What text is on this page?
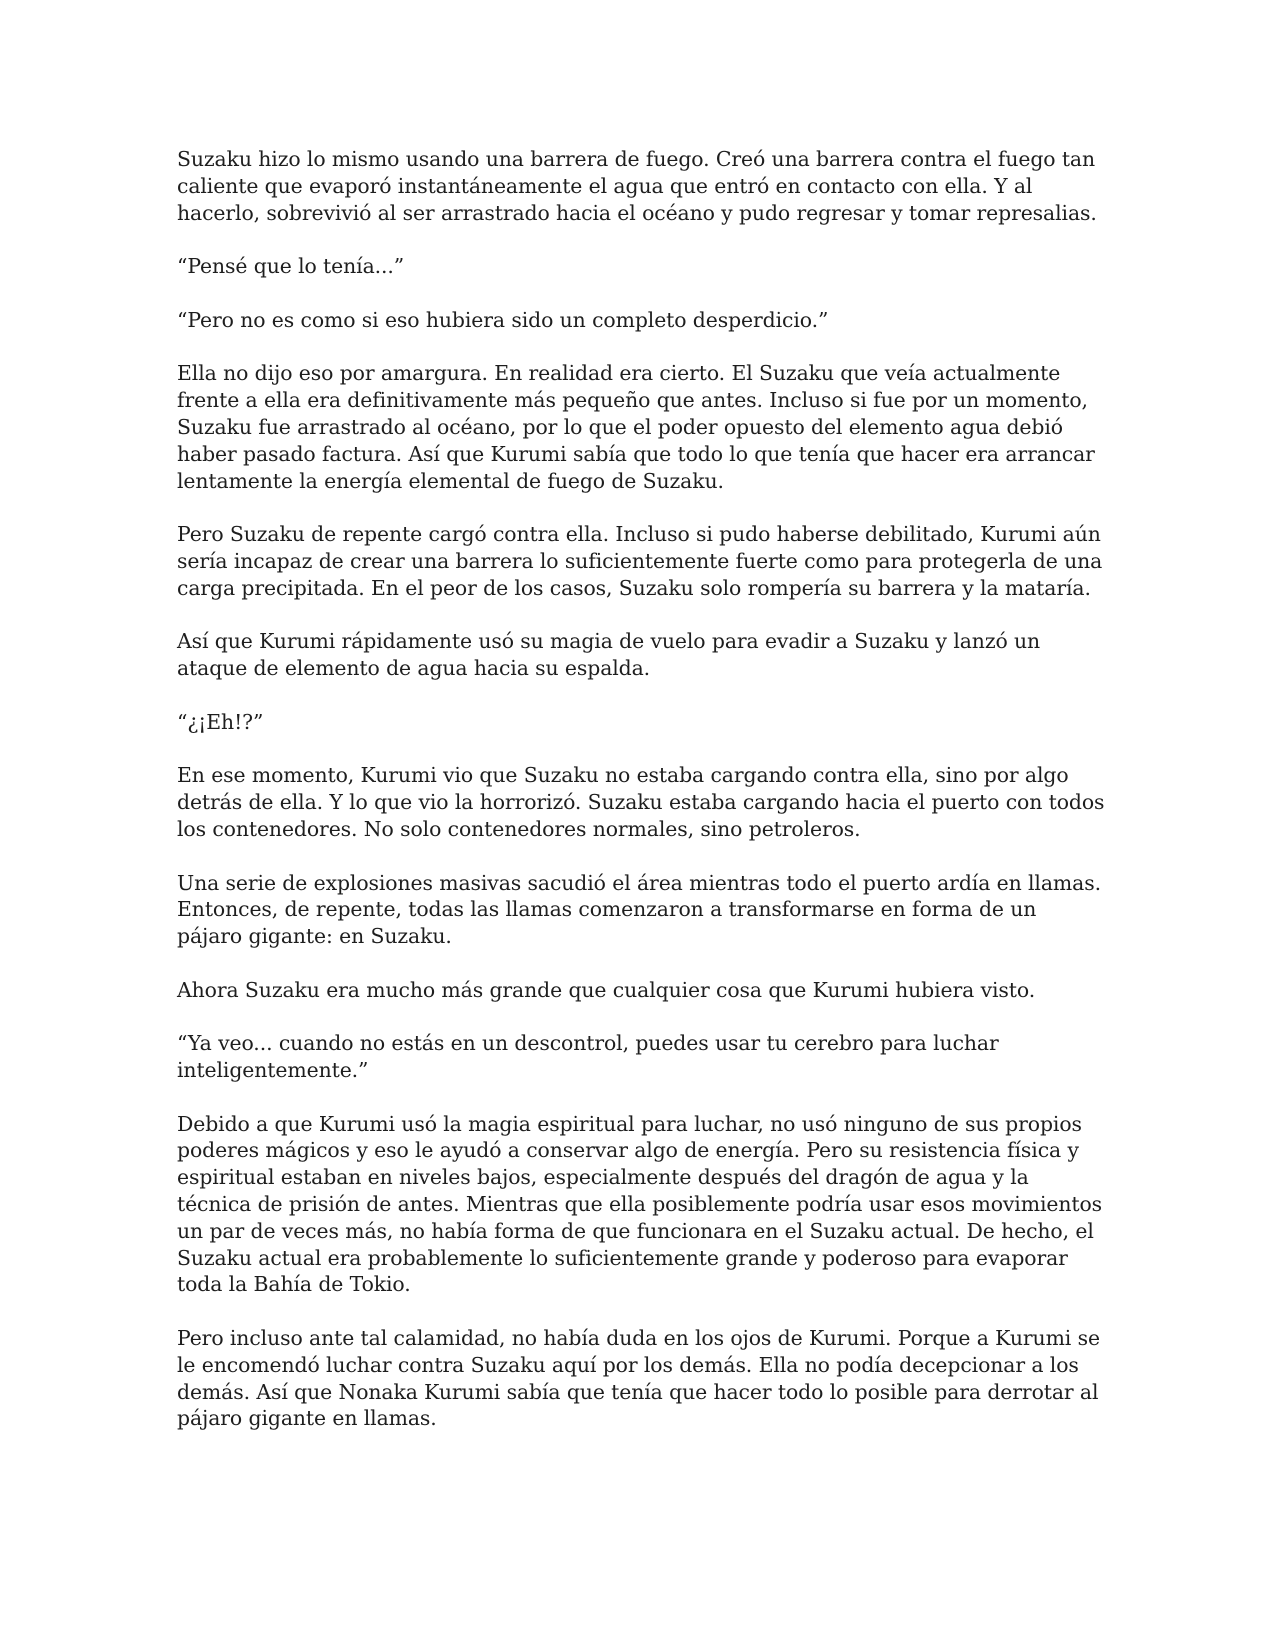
Suzaku hizo lo mismo usando una barrera de fuego. Creó una barrera contra el fuego tan caliente que evaporó instantáneamente el agua que entró en contacto con ella. Y al hacerlo, sobrevivió al ser arrastrado hacia el océano y pudo regresar y tomar represalias.

“Pensé que lo tenía...”

“Pero no es como si eso hubiera sido un completo desperdicio.”

Ella no dijo eso por amargura. En realidad era cierto. El Suzaku que veía actualmente frente a ella era definitivamente más pequeño que antes. Incluso si fue por un momento, Suzaku fue arrastrado al océano, por lo que el poder opuesto del elemento agua debió haber pasado factura. Así que Kurumi sabía que todo lo que tenía que hacer era arrancar lentamente la energía elemental de fuego de Suzaku.

Pero Suzaku de repente cargó contra ella. Incluso si pudo haberse debilitado, Kurumi aún sería incapaz de crear una barrera lo suficientemente fuerte como para protegerla de una carga precipitada. En el peor de los casos, Suzaku solo rompería su barrera y la mataría.

Así que Kurumi rápidamente usó su magia de vuelo para evadir a Suzaku y lanzó un ataque de elemento de agua hacia su espalda.

“¿¡Eh!?”

En ese momento, Kurumi vio que Suzaku no estaba cargando contra ella, sino por algo detrás de ella. Y lo que vio la horrorizó. Suzaku estaba cargando hacia el puerto con todos los contenedores. No solo contenedores normales, sino petroleros.

Una serie de explosiones masivas sacudió el área mientras todo el puerto ardía en llamas. Entonces, de repente, todas las llamas comenzaron a transformarse en forma de un pájaro gigante: en Suzaku.

Ahora Suzaku era mucho más grande que cualquier cosa que Kurumi hubiera visto.

“Ya veo... cuando no estás en un descontrol, puedes usar tu cerebro para luchar inteligentemente.”

Debido a que Kurumi usó la magia espiritual para luchar, no usó ninguno de sus propios poderes mágicos y eso le ayudó a conservar algo de energía. Pero su resistencia física y espiritual estaban en niveles bajos, especialmente después del dragón de agua y la técnica de prisión de antes. Mientras que ella posiblemente podría usar esos movimientos un par de veces más, no había forma de que funcionara en el Suzaku actual. De hecho, el Suzaku actual era probablemente lo suficientemente grande y poderoso para evaporar toda la Bahía de Tokio.

Pero incluso ante tal calamidad, no había duda en los ojos de Kurumi. Porque a Kurumi se le encomendó luchar contra Suzaku aquí por los demás. Ella no podía decepcionar a los demás. Así que Nonaka Kurumi sabía que tenía que hacer todo lo posible para derrotar al pájaro gigante en llamas.
